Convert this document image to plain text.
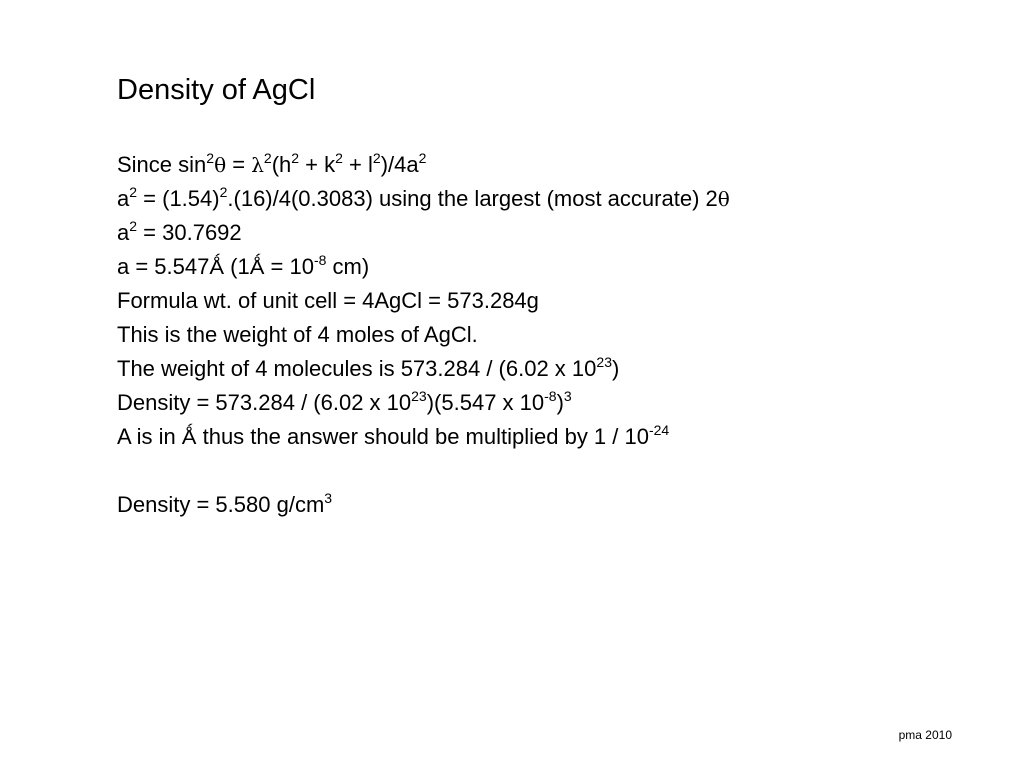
Density of AgCl
Since $\sin^2\theta = \lambda^2(h^2 + k^2 + l^2)/4a^2$
$a^2 = (1.54)^2.(16)/4(0.3083)$ using the largest (most accurate) 2θ
$a^2 = 30.7692$
a = 5.547Ǻ (1Ǻ = $10^{-8}$ cm)
Formula wt. of unit cell = 4AgCl = 573.284g
This is the weight of 4 moles of AgCl.
The weight of 4 molecules is 573.284 / (6.02 x $10^{23}$)
Density = 573.284 / (6.02 x $10^{23})(5.547$ x $10^{-8})^3$
A is in Ǻ thus the answer should be multiplied by $1 / 10^{-24}$
Density = 5.580 $g/cm^3$
pma 2010
